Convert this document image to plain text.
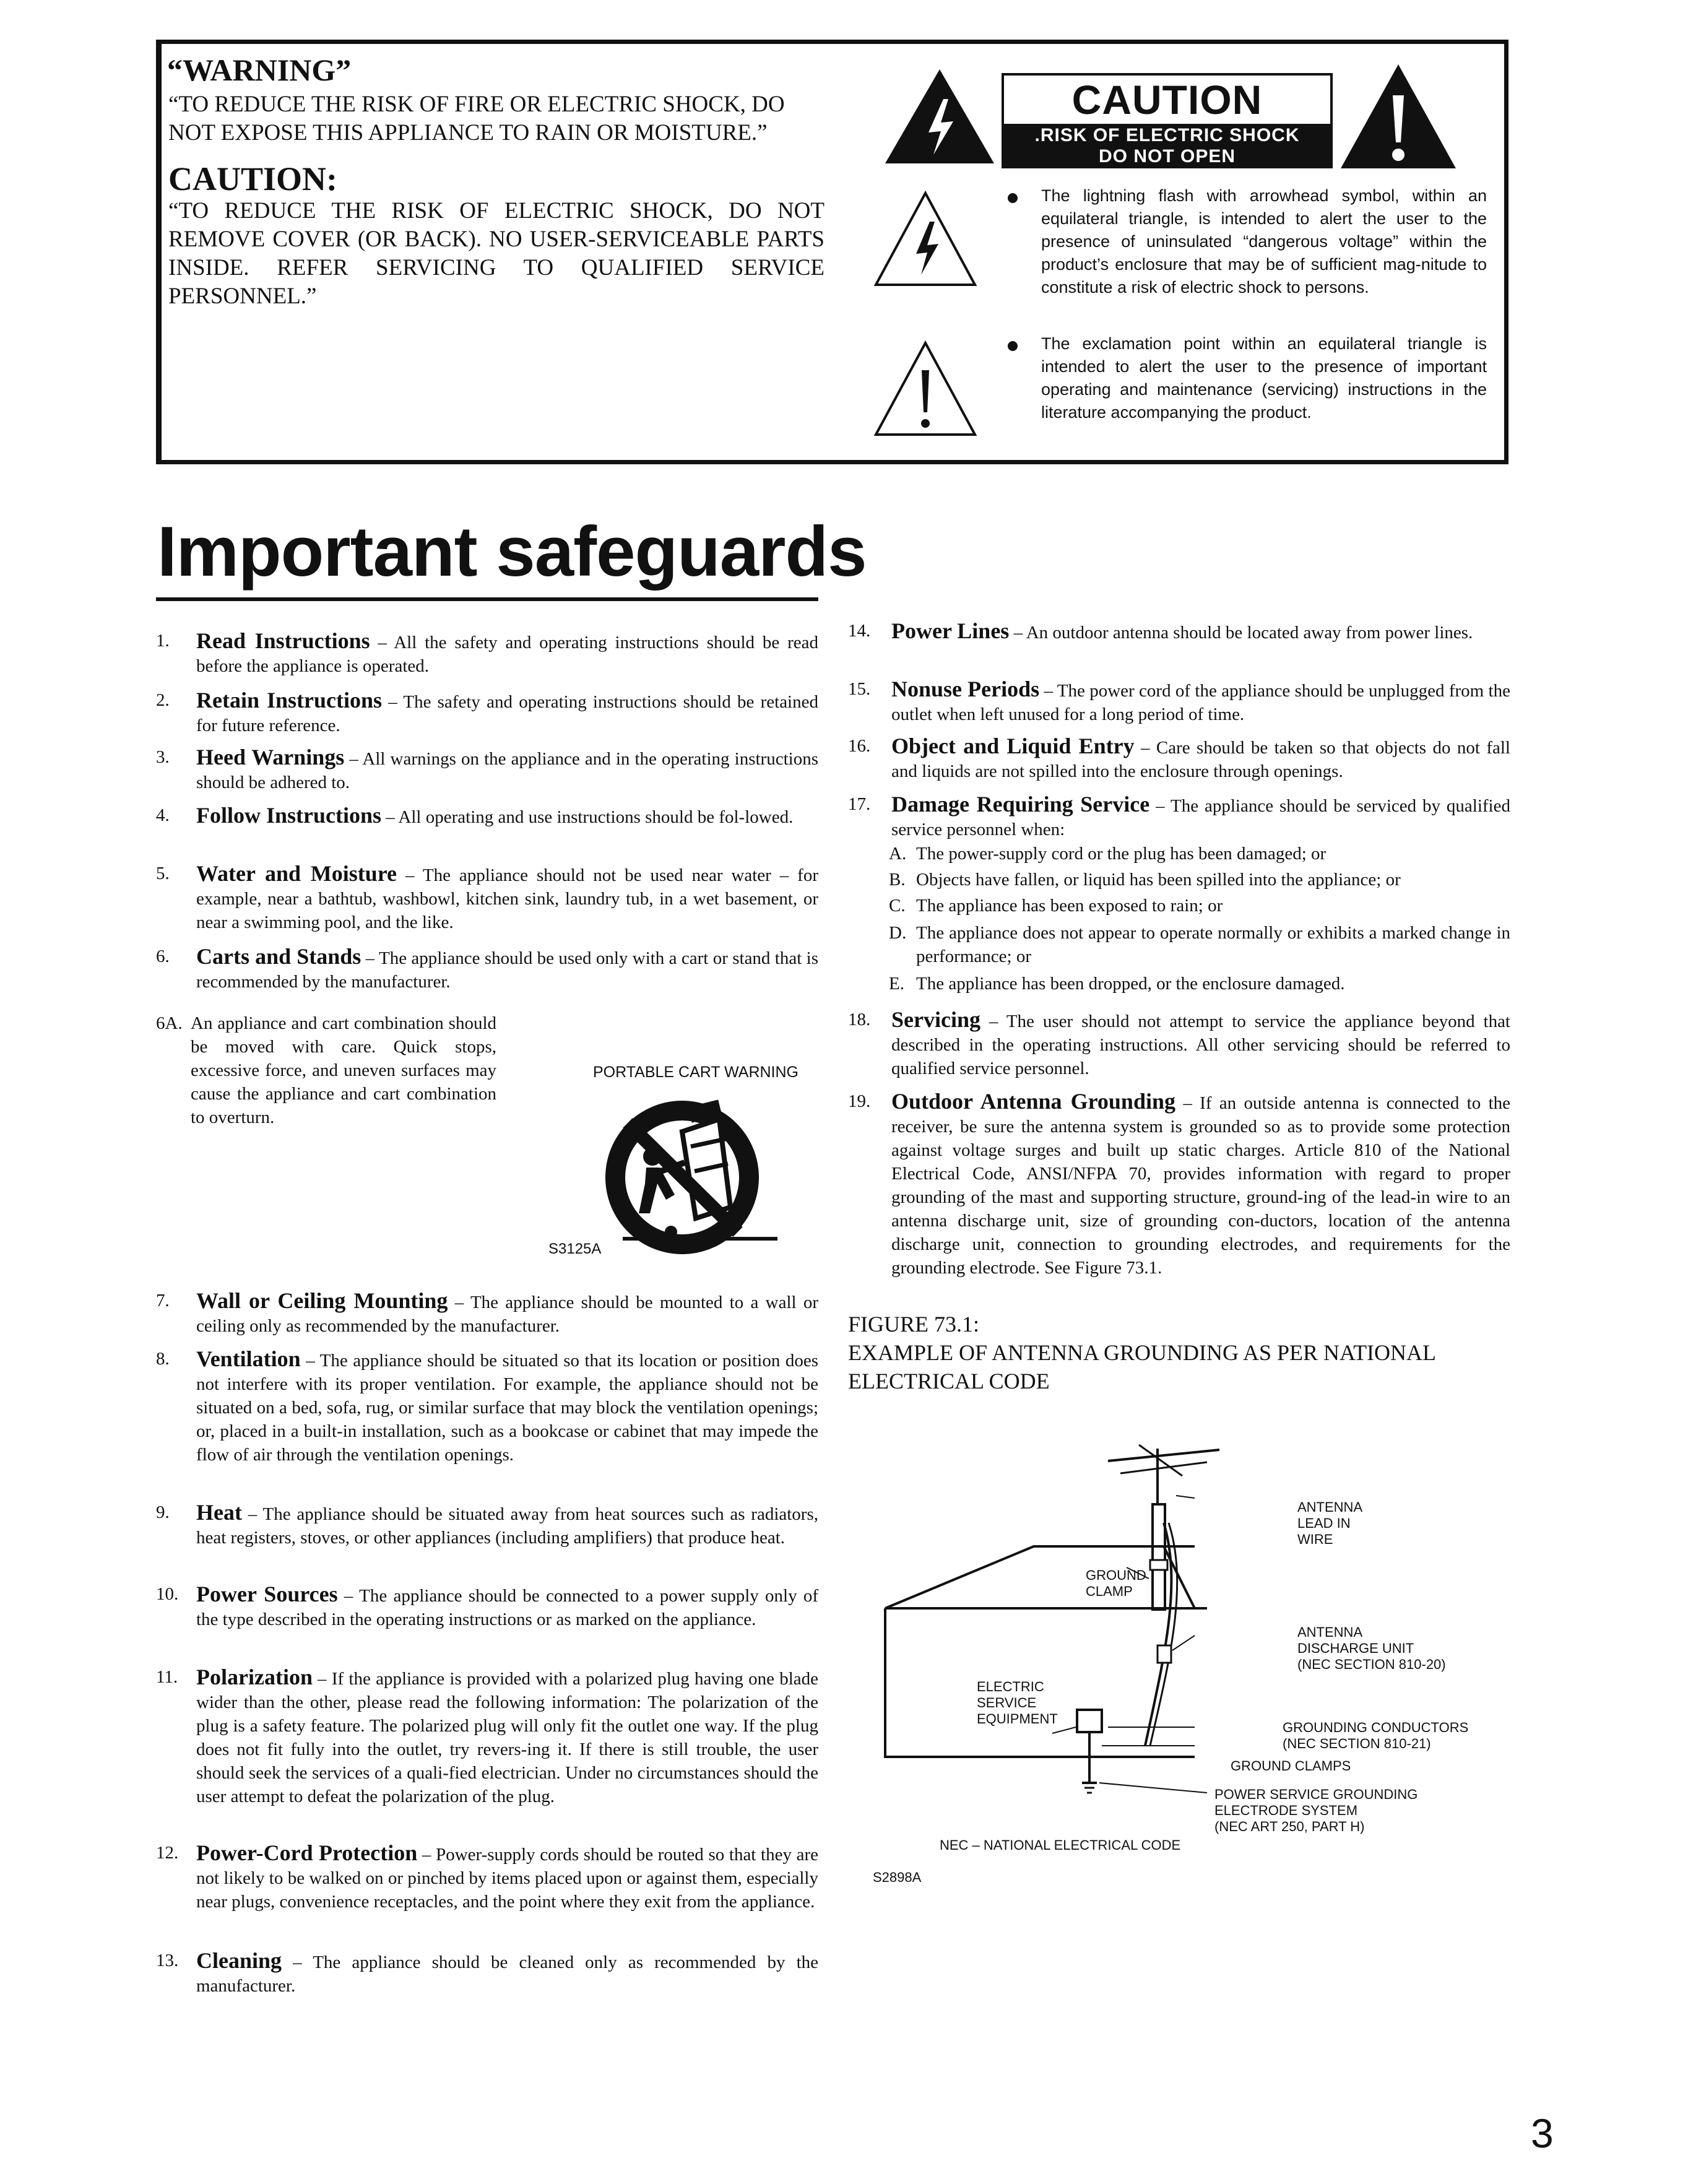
“WARNING”
“TO REDUCE THE RISK OF FIRE OR ELECTRIC SHOCK, DO NOT EXPOSE THIS APPLIANCE TO RAIN OR MOISTURE.”
CAUTION:
“TO REDUCE THE RISK OF ELECTRIC SHOCK, DO NOT REMOVE COVER (OR BACK). NO USER-SERVICEABLE PARTS INSIDE. REFER SERVICING TO QUALIFIED SERVICE PERSONNEL.”
CAUTION
.RISK OF ELECTRIC SHOCK
DO NOT OPEN
The lightning flash with arrowhead symbol, within an equilateral triangle, is intended to alert the user to the presence of uninsulated “dangerous voltage” within the product’s enclosure that may be of sufficient mag-nitude to constitute a risk of electric shock to persons.
The exclamation point within an equilateral triangle is intended to alert the user to the presence of important operating and maintenance (servicing) instructions in the literature accompanying the product.
Important safeguards
1. Read Instructions – All the safety and operating instructions should be read before the appliance is operated.
2. Retain Instructions – The safety and operating instructions should be retained for future reference.
3. Heed Warnings – All warnings on the appliance and in the operating instructions should be adhered to.
4. Follow Instructions – All operating and use instructions should be fol-lowed.
5. Water and Moisture – The appliance should not be used near water – for example, near a bathtub, washbowl, kitchen sink, laundry tub, in a wet basement, or near a swimming pool, and the like.
6. Carts and Stands – The appliance should be used only with a cart or stand that is recommended by the manufacturer.
6A. An appliance and cart combination should be moved with care. Quick stops, excessive force, and uneven surfaces may cause the appliance and cart combination to overturn.
PORTABLE CART WARNING
S3125A
7. Wall or Ceiling Mounting – The appliance should be mounted to a wall or ceiling only as recommended by the manufacturer.
8. Ventilation – The appliance should be situated so that its location or position does not interfere with its proper ventilation. For example, the appliance should not be situated on a bed, sofa, rug, or similar surface that may block the ventilation openings; or, placed in a built-in installation, such as a bookcase or cabinet that may impede the flow of air through the ventilation openings.
9. Heat – The appliance should be situated away from heat sources such as radiators, heat registers, stoves, or other appliances (including amplifiers) that produce heat.
10. Power Sources – The appliance should be connected to a power supply only of the type described in the operating instructions or as marked on the appliance.
11. Polarization – If the appliance is provided with a polarized plug having one blade wider than the other, please read the following information: The polarization of the plug is a safety feature. The polarized plug will only fit the outlet one way. If the plug does not fit fully into the outlet, try revers-ing it. If there is still trouble, the user should seek the services of a quali-fied electrician. Under no circumstances should the user attempt to defeat the polarization of the plug.
12. Power-Cord Protection – Power-supply cords should be routed so that they are not likely to be walked on or pinched by items placed upon or against them, especially near plugs, convenience receptacles, and the point where they exit from the appliance.
13. Cleaning – The appliance should be cleaned only as recommended by the manufacturer.
14. Power Lines – An outdoor antenna should be located away from power lines.
15. Nonuse Periods – The power cord of the appliance should be unplugged from the outlet when left unused for a long period of time.
16. Object and Liquid Entry – Care should be taken so that objects do not fall and liquids are not spilled into the enclosure through openings.
17. Damage Requiring Service – The appliance should be serviced by qualified service personnel when:
A. The power-supply cord or the plug has been damaged; or
B. Objects have fallen, or liquid has been spilled into the appliance; or
C. The appliance has been exposed to rain; or
D. The appliance does not appear to operate normally or exhibits a marked change in performance; or
E. The appliance has been dropped, or the enclosure damaged.
18. Servicing – The user should not attempt to service the appliance beyond that described in the operating instructions. All other servicing should be referred to qualified service personnel.
19. Outdoor Antenna Grounding – If an outside antenna is connected to the receiver, be sure the antenna system is grounded so as to provide some protection against voltage surges and built up static charges. Article 810 of the National Electrical Code, ANSI/NFPA 70, provides information with regard to proper grounding of the mast and supporting structure, ground-ing of the lead-in wire to an antenna discharge unit, size of grounding con-ductors, location of the antenna discharge unit, connection to grounding electrodes, and requirements for the grounding electrode. See Figure 73.1.
FIGURE 73.1:
EXAMPLE OF ANTENNA GROUNDING AS PER NATIONAL ELECTRICAL CODE
ANTENNA
LEAD IN
WIRE
GROUND
CLAMP
ANTENNA
DISCHARGE UNIT
(NEC SECTION 810-20)
ELECTRIC
SERVICE
EQUIPMENT
GROUNDING CONDUCTORS
(NEC SECTION 810-21)
GROUND CLAMPS
POWER SERVICE GROUNDING
ELECTRODE SYSTEM
(NEC ART 250, PART H)
NEC – NATIONAL ELECTRICAL CODE
S2898A
3
